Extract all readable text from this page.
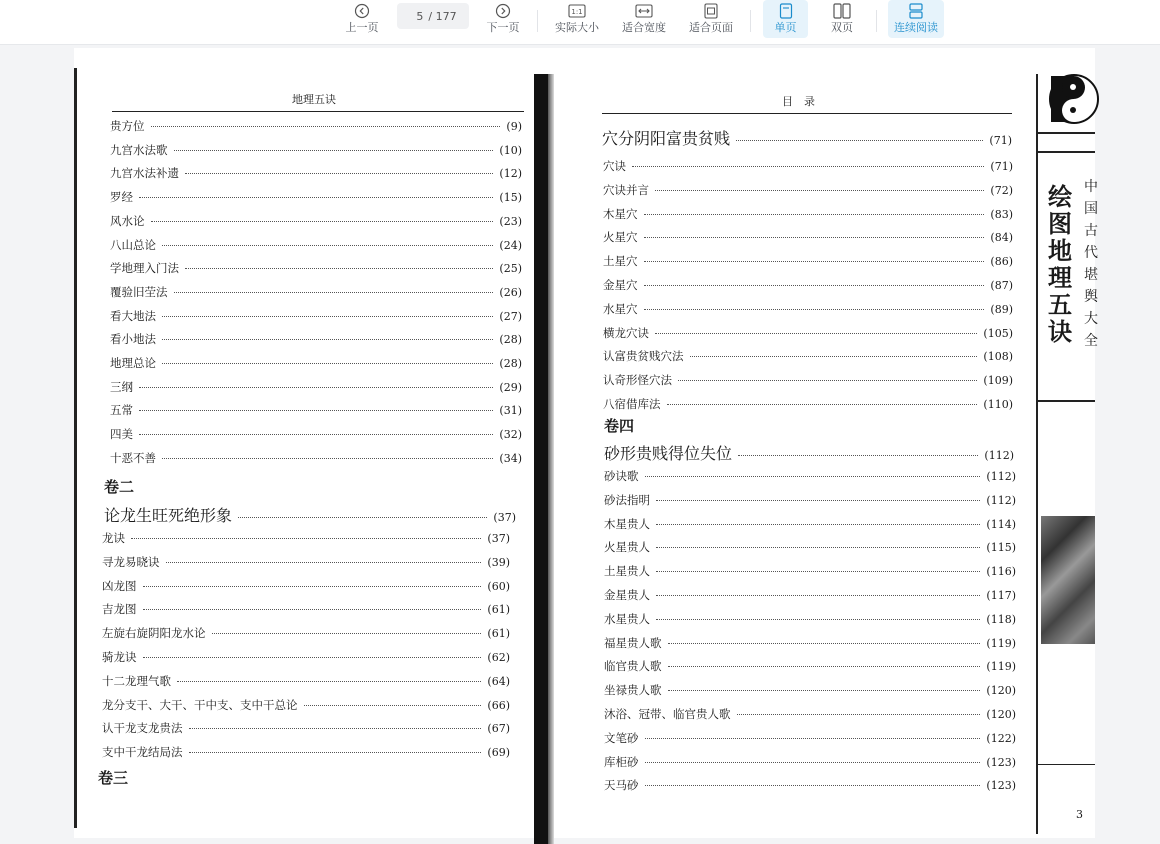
上一页
5
/ 177
下一页
1:1
实际大小 适合宽度 适合页面	单页	双页	连续阅读
地理五诀
贵方位	(9)
九宫水法歌	(10)
九宫水法补遗	(12)
罗经	(15)
风水论	(23)
八山总论	(24)
学地理入门法	(25)
覆验旧茔法	(26)
看大地法	(27)
看小地法	(28)
地理总论	(28)
三纲	(29)
五常	(31)
四美	(32)
十恶不善	(34)
卷二
论龙生旺死绝形象	(37)
龙诀	(37)
寻龙易晓诀	(39)
凶龙图	(60)
吉龙图	(61)
左旋右旋阴阳龙水论	(61)
骑龙诀	(62)
十二龙理气歌	(64)
龙分支干、大干、干中支、支中干总论	(66)
认干龙支龙贵法	(67)
支中干龙结局法	(69)
卷三
目　录
穴分阴阳富贵贫贱	(71)
穴诀	(71)
穴诀并言	(72)
木星穴	(83)
火星穴	(84)
土星穴	(86)
金星穴	(87)
水星穴	(89)
横龙穴诀	(105)
认富贵贫贱穴法	(108)
认奇形怪穴法	(109)
八宿借库法	(110)
卷四
砂形贵贱得位失位	(112)
砂诀歌	(112)
砂法指明	(112)
木星贵人	(114)
火星贵人	(115)
土星贵人	(116)
金星贵人	(117)
水星贵人	(118)
福星贵人歌	(119)
临官贵人歌	(119)
坐禄贵人歌	(120)
沐浴、冠带、临官贵人歌	(120)
文笔砂	(122)
库柜砂	(123)
天马砂	(123)
绘图地理五诀
中国古代堪舆大全
3
